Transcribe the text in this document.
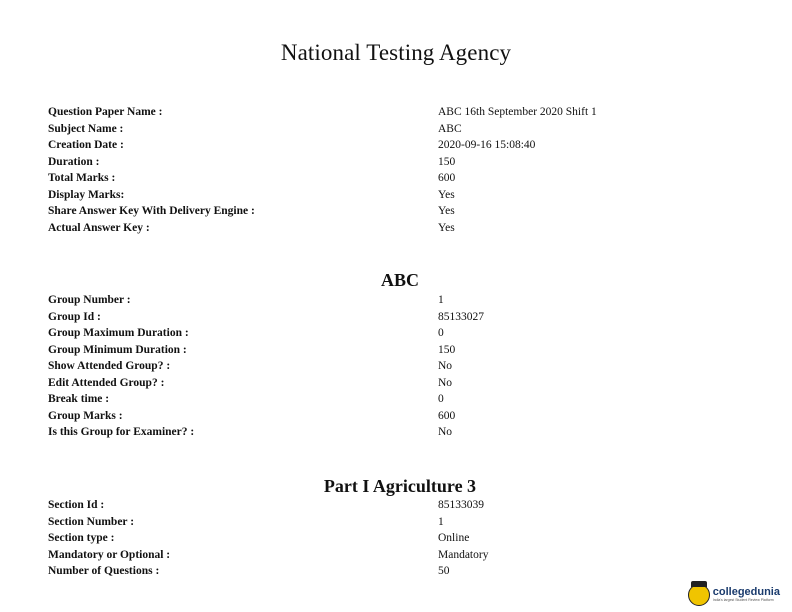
National Testing Agency
Question Paper Name :	ABC 16th September 2020 Shift 1
Subject Name :	ABC
Creation Date :	2020-09-16 15:08:40
Duration :	150
Total Marks :	600
Display Marks:	Yes
Share Answer Key With Delivery Engine :	Yes
Actual Answer Key :	Yes
ABC
Group Number :	1
Group Id :	85133027
Group Maximum Duration :	0
Group Minimum Duration :	150
Show Attended Group? :	No
Edit Attended Group? :	No
Break time :	0
Group Marks :	600
Is this Group for Examiner? :	No
Part I Agriculture 3
Section Id :	85133039
Section Number :	1
Section type :	Online
Mandatory or Optional :	Mandatory
Number of Questions :	50
collegedunia
India's largest Student Review Platform
